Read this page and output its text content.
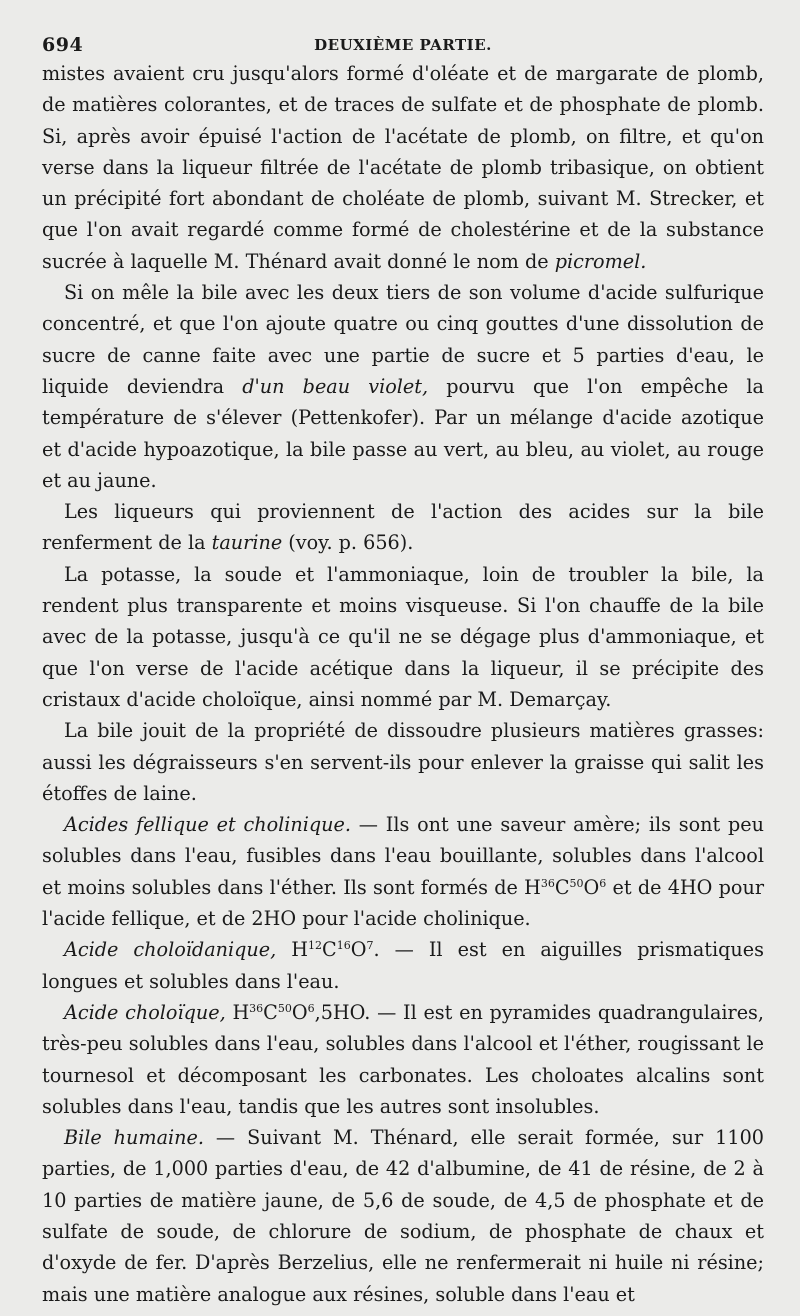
694	DEUXIÈME PARTIE.

mistes avaient cru jusqu'alors formé d'oléate et de margarate de plomb, de matières colorantes, et de traces de sulfate et de phosphate de plomb. Si, après avoir épuisé l'action de l'acétate de plomb, on filtre, et qu'on verse dans la liqueur filtrée de l'acétate de plomb tribasique, on obtient un précipité fort abondant de choléate de plomb, suivant M. Strecker, et que l'on avait regardé comme formé de cholestérine et de la substance sucrée à laquelle M. Thénard avait donné le nom de picromel.

Si on mêle la bile avec les deux tiers de son volume d'acide sulfurique concentré, et que l'on ajoute quatre ou cinq gouttes d'une dissolution de sucre de canne faite avec une partie de sucre et 5 parties d'eau, le liquide deviendra d'un beau violet, pourvu que l'on empêche la température de s'élever (Pettenkofer). Par un mélange d'acide azotique et d'acide hypoazotique, la bile passe au vert, au bleu, au violet, au rouge et au jaune.

Les liqueurs qui proviennent de l'action des acides sur la bile renferment de la taurine (voy. p. 656).

La potasse, la soude et l'ammoniaque, loin de troubler la bile, la rendent plus transparente et moins visqueuse. Si l'on chauffe de la bile avec de la potasse, jusqu'à ce qu'il ne se dégage plus d'ammoniaque, et que l'on verse de l'acide acétique dans la liqueur, il se précipite des cristaux d'acide choloïque, ainsi nommé par M. Demarçay.

La bile jouit de la propriété de dissoudre plusieurs matières grasses: aussi les dégraisseurs s'en servent-ils pour enlever la graisse qui salit les étoffes de laine.

Acides fellique et cholinique. — Ils ont une saveur amère; ils sont peu solubles dans l'eau, fusibles dans l'eau bouillante, solubles dans l'alcool et moins solubles dans l'éther. Ils sont formés de $H^{36}C^{50}O^6$ et de 4HO pour l'acide fellique, et de 2HO pour l'acide cholinique.

Acide choloïdanique, $H^{12}C^{16}O^7$. — Il est en aiguilles prismatiques longues et solubles dans l'eau.

Acide choloïque, $H^{36}C^{50}O^6,5HO$. — Il est en pyramides quadrangulaires, très-peu solubles dans l'eau, solubles dans l'alcool et l'éther, rougissant le tournesol et décomposant les carbonates. Les choloates alcalins sont solubles dans l'eau, tandis que les autres sont insolubles.

Bile humaine. — Suivant M. Thénard, elle serait formée, sur 1100 parties, de 1,000 parties d'eau, de 42 d'albumine, de 41 de résine, de 2 à 10 parties de matière jaune, de 5,6 de soude, de 4,5 de phosphate et de sulfate de soude, de chlorure de sodium, de phosphate de chaux et d'oxyde de fer. D'après Berzelius, elle ne renfermerait ni huile ni résine; mais une matière analogue aux résines, soluble dans l'eau et
